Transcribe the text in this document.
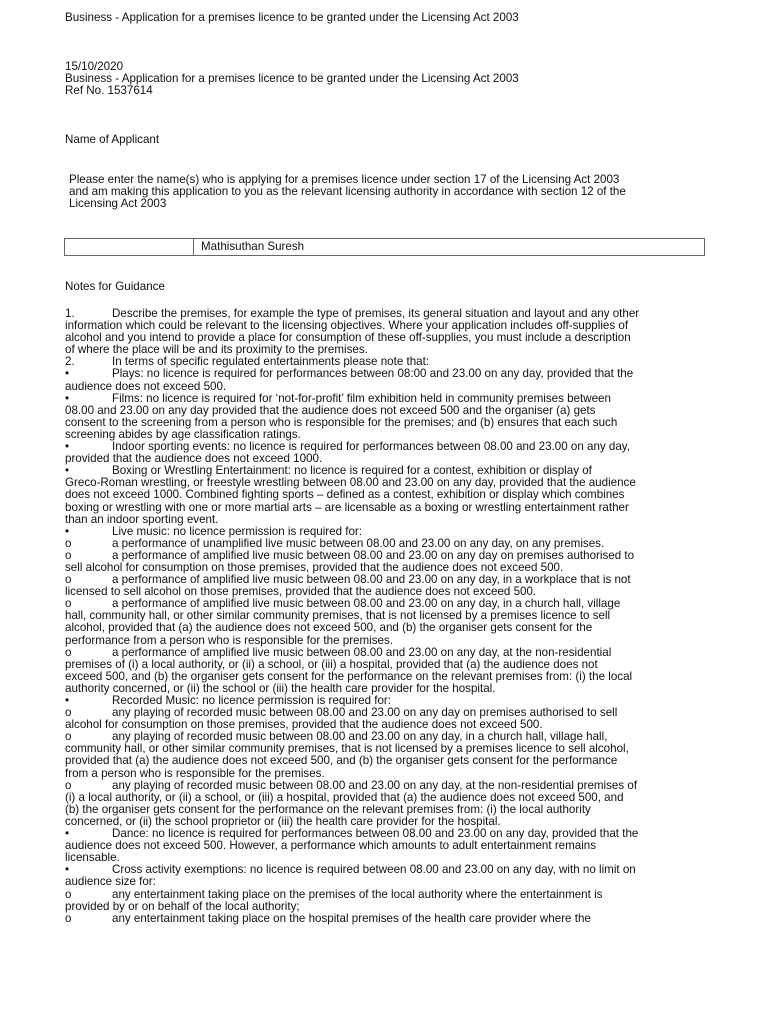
Business - Application for a premises licence to be granted under the Licensing Act 2003
15/10/2020
Business - Application for a premises licence to be granted under the Licensing Act 2003
Ref No. 1537614
Name of Applicant
Please enter the name(s) who is applying for a premises licence under section 17 of the Licensing Act 2003
and am making this application to you as the relevant licensing authority in accordance with section 12 of the
Licensing Act 2003
Mathisuthan Suresh
Notes for Guidance
1.	Describe the premises, for example the type of premises, its general situation and layout and any other
information which could be relevant to the licensing objectives. Where your application includes off-supplies of
alcohol and you intend to provide a place for consumption of these off-supplies, you must include a description
of where the place will be and its proximity to the premises.
2.	In terms of specific regulated entertainments please note that:
•	Plays: no licence is required for performances between 08:00 and 23.00 on any day, provided that the
audience does not exceed 500.
•	Films: no licence is required for ‘not-for-profit’ film exhibition held in community premises between
08.00 and 23.00 on any day provided that the audience does not exceed 500 and the organiser (a) gets
consent to the screening from a person who is responsible for the premises; and (b) ensures that each such
screening abides by age classification ratings.
•	Indoor sporting events: no licence is required for performances between 08.00 and 23.00 on any day,
provided that the audience does not exceed 1000.
•	Boxing or Wrestling Entertainment: no licence is required for a contest, exhibition or display of
Greco-Roman wrestling, or freestyle wrestling between 08.00 and 23.00 on any day, provided that the audience
does not exceed 1000. Combined fighting sports – defined as a contest, exhibition or display which combines
boxing or wrestling with one or more martial arts – are licensable as a boxing or wrestling entertainment rather
than an indoor sporting event.
•	Live music: no licence permission is required for:
o	a performance of unamplified live music between 08.00 and 23.00 on any day, on any premises.
o	a performance of amplified live music between 08.00 and 23.00 on any day on premises authorised to
sell alcohol for consumption on those premises, provided that the audience does not exceed 500.
o	a performance of amplified live music between 08.00 and 23.00 on any day, in a workplace that is not
licensed to sell alcohol on those premises, provided that the audience does not exceed 500.
o	a performance of amplified live music between 08.00 and 23.00 on any day, in a church hall, village
hall, community hall, or other similar community premises, that is not licensed by a premises licence to sell
alcohol, provided that (a) the audience does not exceed 500, and (b) the organiser gets consent for the
performance from a person who is responsible for the premises.
o	a performance of amplified live music between 08.00 and 23.00 on any day, at the non-residential
premises of (i) a local authority, or (ii) a school, or (iii) a hospital, provided that (a) the audience does not
exceed 500, and (b) the organiser gets consent for the performance on the relevant premises from: (i) the local
authority concerned, or (ii) the school or (iii) the health care provider for the hospital.
•	Recorded Music: no licence permission is required for:
o	any playing of recorded music between 08.00 and 23.00 on any day on premises authorised to sell
alcohol for consumption on those premises, provided that the audience does not exceed 500.
o	any playing of recorded music between 08.00 and 23.00 on any day, in a church hall, village hall,
community hall, or other similar community premises, that is not licensed by a premises licence to sell alcohol,
provided that (a) the audience does not exceed 500, and (b) the organiser gets consent for the performance
from a person who is responsible for the premises.
o	any playing of recorded music between 08.00 and 23.00 on any day, at the non-residential premises of
(i) a local authority, or (ii) a school, or (iii) a hospital, provided that (a) the audience does not exceed 500, and
(b) the organiser gets consent for the performance on the relevant premises from: (i) the local authority
concerned, or (ii) the school proprietor or (iii) the health care provider for the hospital.
•	Dance: no licence is required for performances between 08.00 and 23.00 on any day, provided that the
audience does not exceed 500. However, a performance which amounts to adult entertainment remains
licensable.
•	Cross activity exemptions: no licence is required between 08.00 and 23.00 on any day, with no limit on
audience size for:
o	any entertainment taking place on the premises of the local authority where the entertainment is
provided by or on behalf of the local authority;
o	any entertainment taking place on the hospital premises of the health care provider where the
